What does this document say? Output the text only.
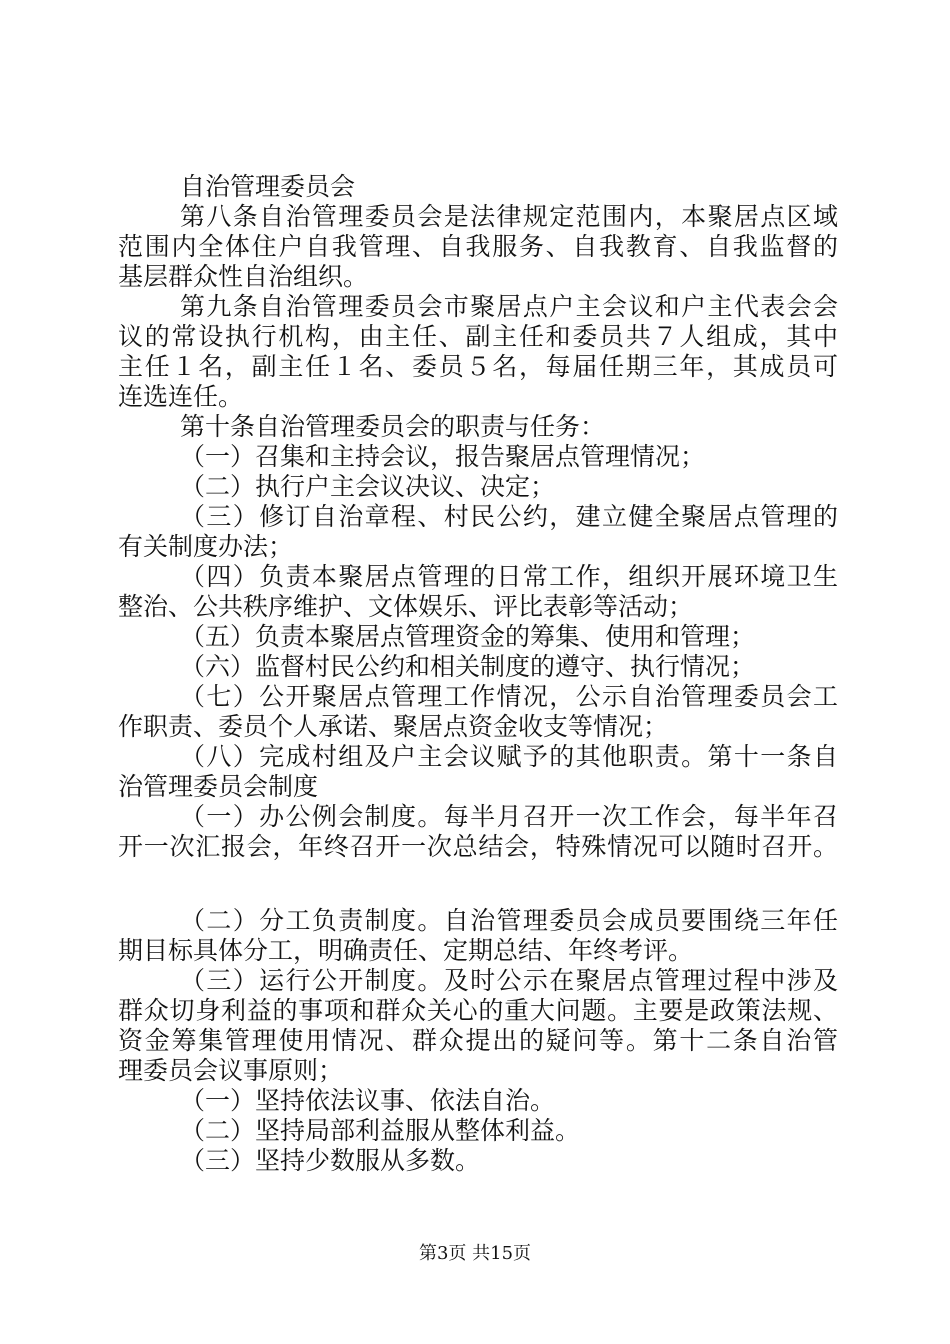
自治管理委员会
第八条自治管理委员会是法律规定范围内，本聚居点区域
范围内全体住户自我管理、自我服务、自我教育、自我监督的
基层群众性自治组织。
第九条自治管理委员会市聚居点户主会议和户主代表会会
议的常设执行机构，由主任、副主任和委员共７人组成，其中
主任１名，副主任１名、委员５名，每届任期三年，其成员可
连选连任。
第十条自治管理委员会的职责与任务：
（一）召集和主持会议，报告聚居点管理情况；
（二）执行户主会议决议、决定；
（三）修订自治章程、村民公约，建立健全聚居点管理的
有关制度办法；
（四）负责本聚居点管理的日常工作，组织开展环境卫生
整治、公共秩序维护、文体娱乐、评比表彰等活动；
（五）负责本聚居点管理资金的筹集、使用和管理；
（六）监督村民公约和相关制度的遵守、执行情况；
（七）公开聚居点管理工作情况，公示自治管理委员会工
作职责、委员个人承诺、聚居点资金收支等情况；
（八）完成村组及户主会议赋予的其他职责。第十一条自
治管理委员会制度
（一）办公例会制度。每半月召开一次工作会，每半年召
开一次汇报会，年终召开一次总结会，特殊情况可以随时召开。
（二）分工负责制度。自治管理委员会成员要围绕三年任
期目标具体分工，明确责任、定期总结、年终考评。
（三）运行公开制度。及时公示在聚居点管理过程中涉及
群众切身利益的事项和群众关心的重大问题。主要是政策法规、
资金筹集管理使用情况、群众提出的疑问等。第十二条自治管
理委员会议事原则；
（一）坚持依法议事、依法自治。
（二）坚持局部利益服从整体利益。
（三）坚持少数服从多数。
第3页 共15页
